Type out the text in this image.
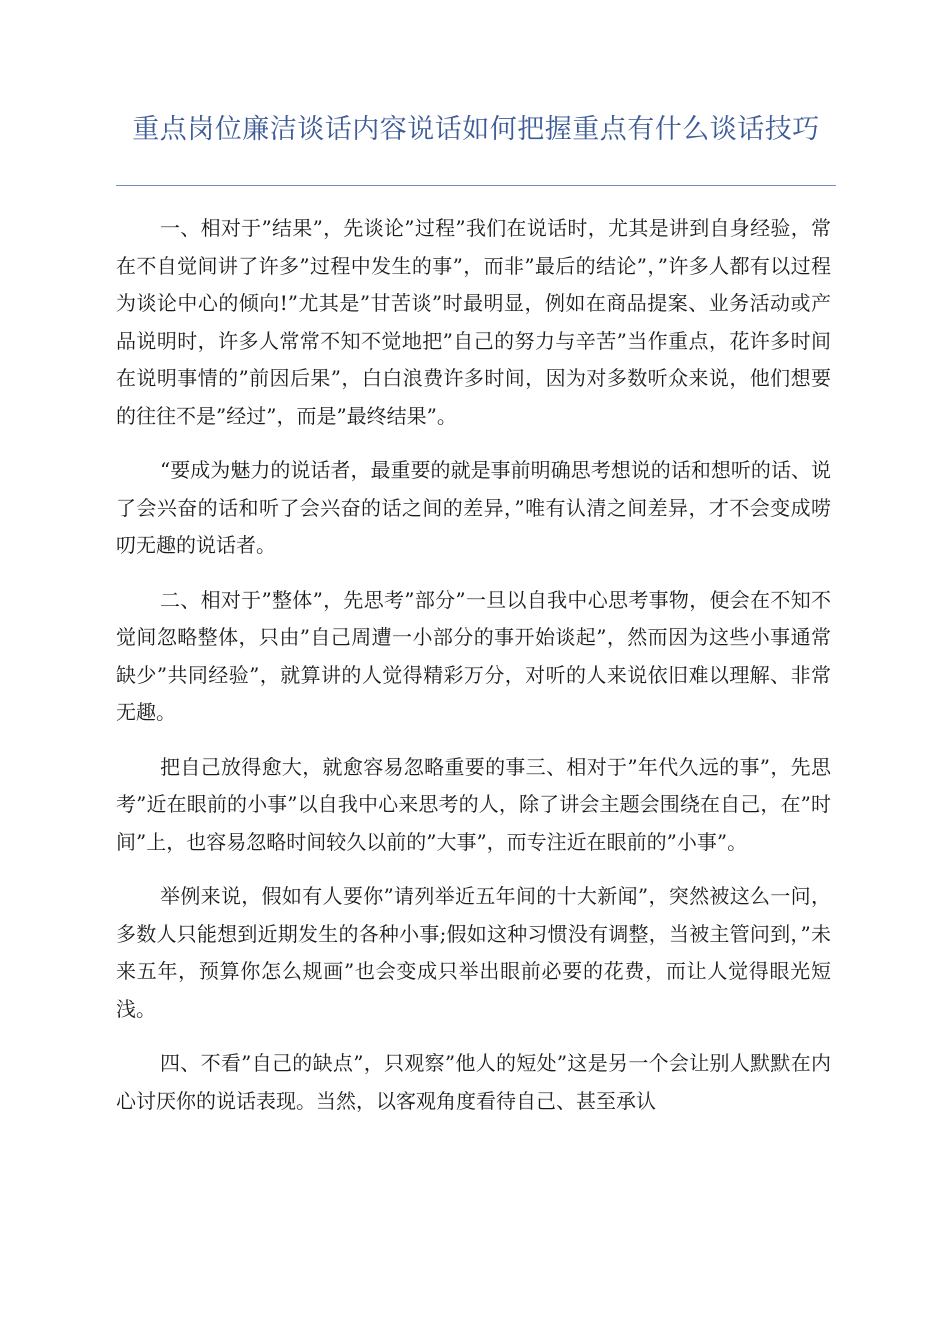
重点岗位廉洁谈话内容说话如何把握重点有什么谈话技巧

一、相对于”结果”，先谈论”过程”我们在说话时，尤其是讲到自身经验，常在不自觉间讲了许多”过程中发生的事”，而非”最后的结论”，”许多人都有以过程为谈论中心的倾向!”尤其是”甘苦谈”时最明显，例如在商品提案、业务活动或产品说明时，许多人常常不知不觉地把”自己的努力与辛苦”当作重点，花许多时间在说明事情的”前因后果”，白白浪费许多时间，因为对多数听众来说，他们想要的往往不是”经过”，而是”最终结果”。

“要成为魅力的说话者，最重要的就是事前明确思考想说的话和想听的话、说了会兴奋的话和听了会兴奋的话之间的差异，”唯有认清之间差异，才不会变成唠叨无趣的说话者。

二、相对于”整体”，先思考”部分”一旦以自我中心思考事物，便会在不知不觉间忽略整体，只由”自己周遭一小部分的事开始谈起”，然而因为这些小事通常缺少”共同经验”，就算讲的人觉得精彩万分，对听的人来说依旧难以理解、非常无趣。

把自己放得愈大，就愈容易忽略重要的事三、相对于”年代久远的事”，先思考”近在眼前的小事”以自我中心来思考的人，除了讲会主题会围绕在自己，在”时间”上，也容易忽略时间较久以前的”大事”，而专注近在眼前的”小事”。

举例来说，假如有人要你”请列举近五年间的十大新闻”，突然被这么一问，多数人只能想到近期发生的各种小事;假如这种习惯没有调整，当被主管问到，”未来五年，预算你怎么规画”也会变成只举出眼前必要的花费，而让人觉得眼光短浅。

四、不看”自己的缺点”，只观察”他人的短处”这是另一个会让别人默默在内心讨厌你的说话表现。当然，以客观角度看待自己、甚至承认
